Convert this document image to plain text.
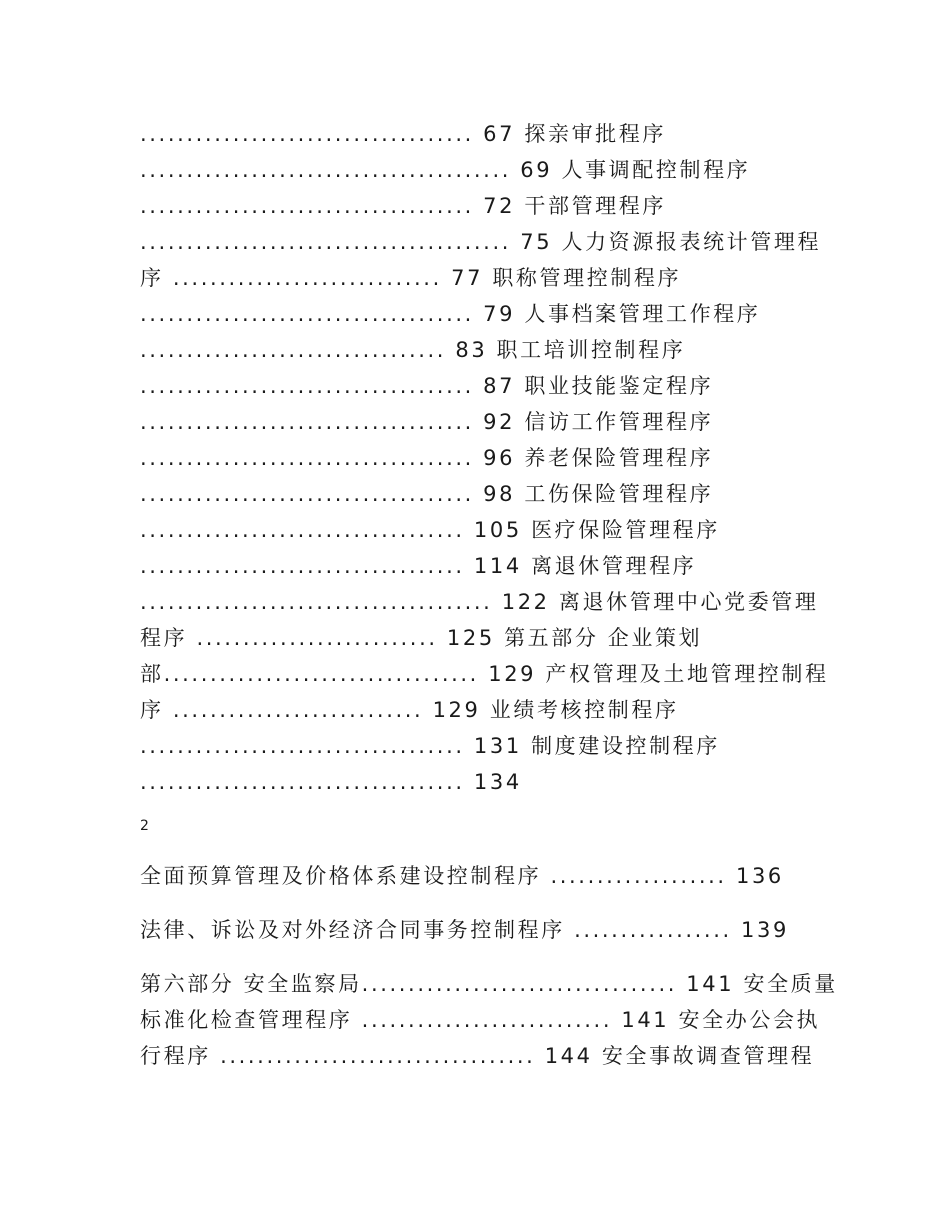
.................................... 67 探亲审批程序
........................................ 69 人事调配控制程序
.................................... 72 干部管理程序
........................................ 75 人力资源报表统计管理程
序 ............................. 77 职称管理控制程序
.................................... 79 人事档案管理工作程序
................................. 83 职工培训控制程序
.................................... 87 职业技能鉴定程序
.................................... 92 信访工作管理程序
.................................... 96 养老保险管理程序
.................................... 98 工伤保险管理程序
................................... 105 医疗保险管理程序
................................... 114 离退休管理程序
...................................... 122 离退休管理中心党委管理
程序 .......................... 125 第五部分 企业策划
部.................................. 129 产权管理及土地管理控制程
序 ........................... 129 业绩考核控制程序
................................... 131 制度建设控制程序
................................... 134
2
全面预算管理及价格体系建设控制程序 ................... 136
法律、诉讼及对外经济合同事务控制程序 ................. 139
第六部分 安全监察局.................................. 141 安全质量
标准化检查管理程序 ........................... 141 安全办公会执
行程序 .................................. 144 安全事故调查管理程
